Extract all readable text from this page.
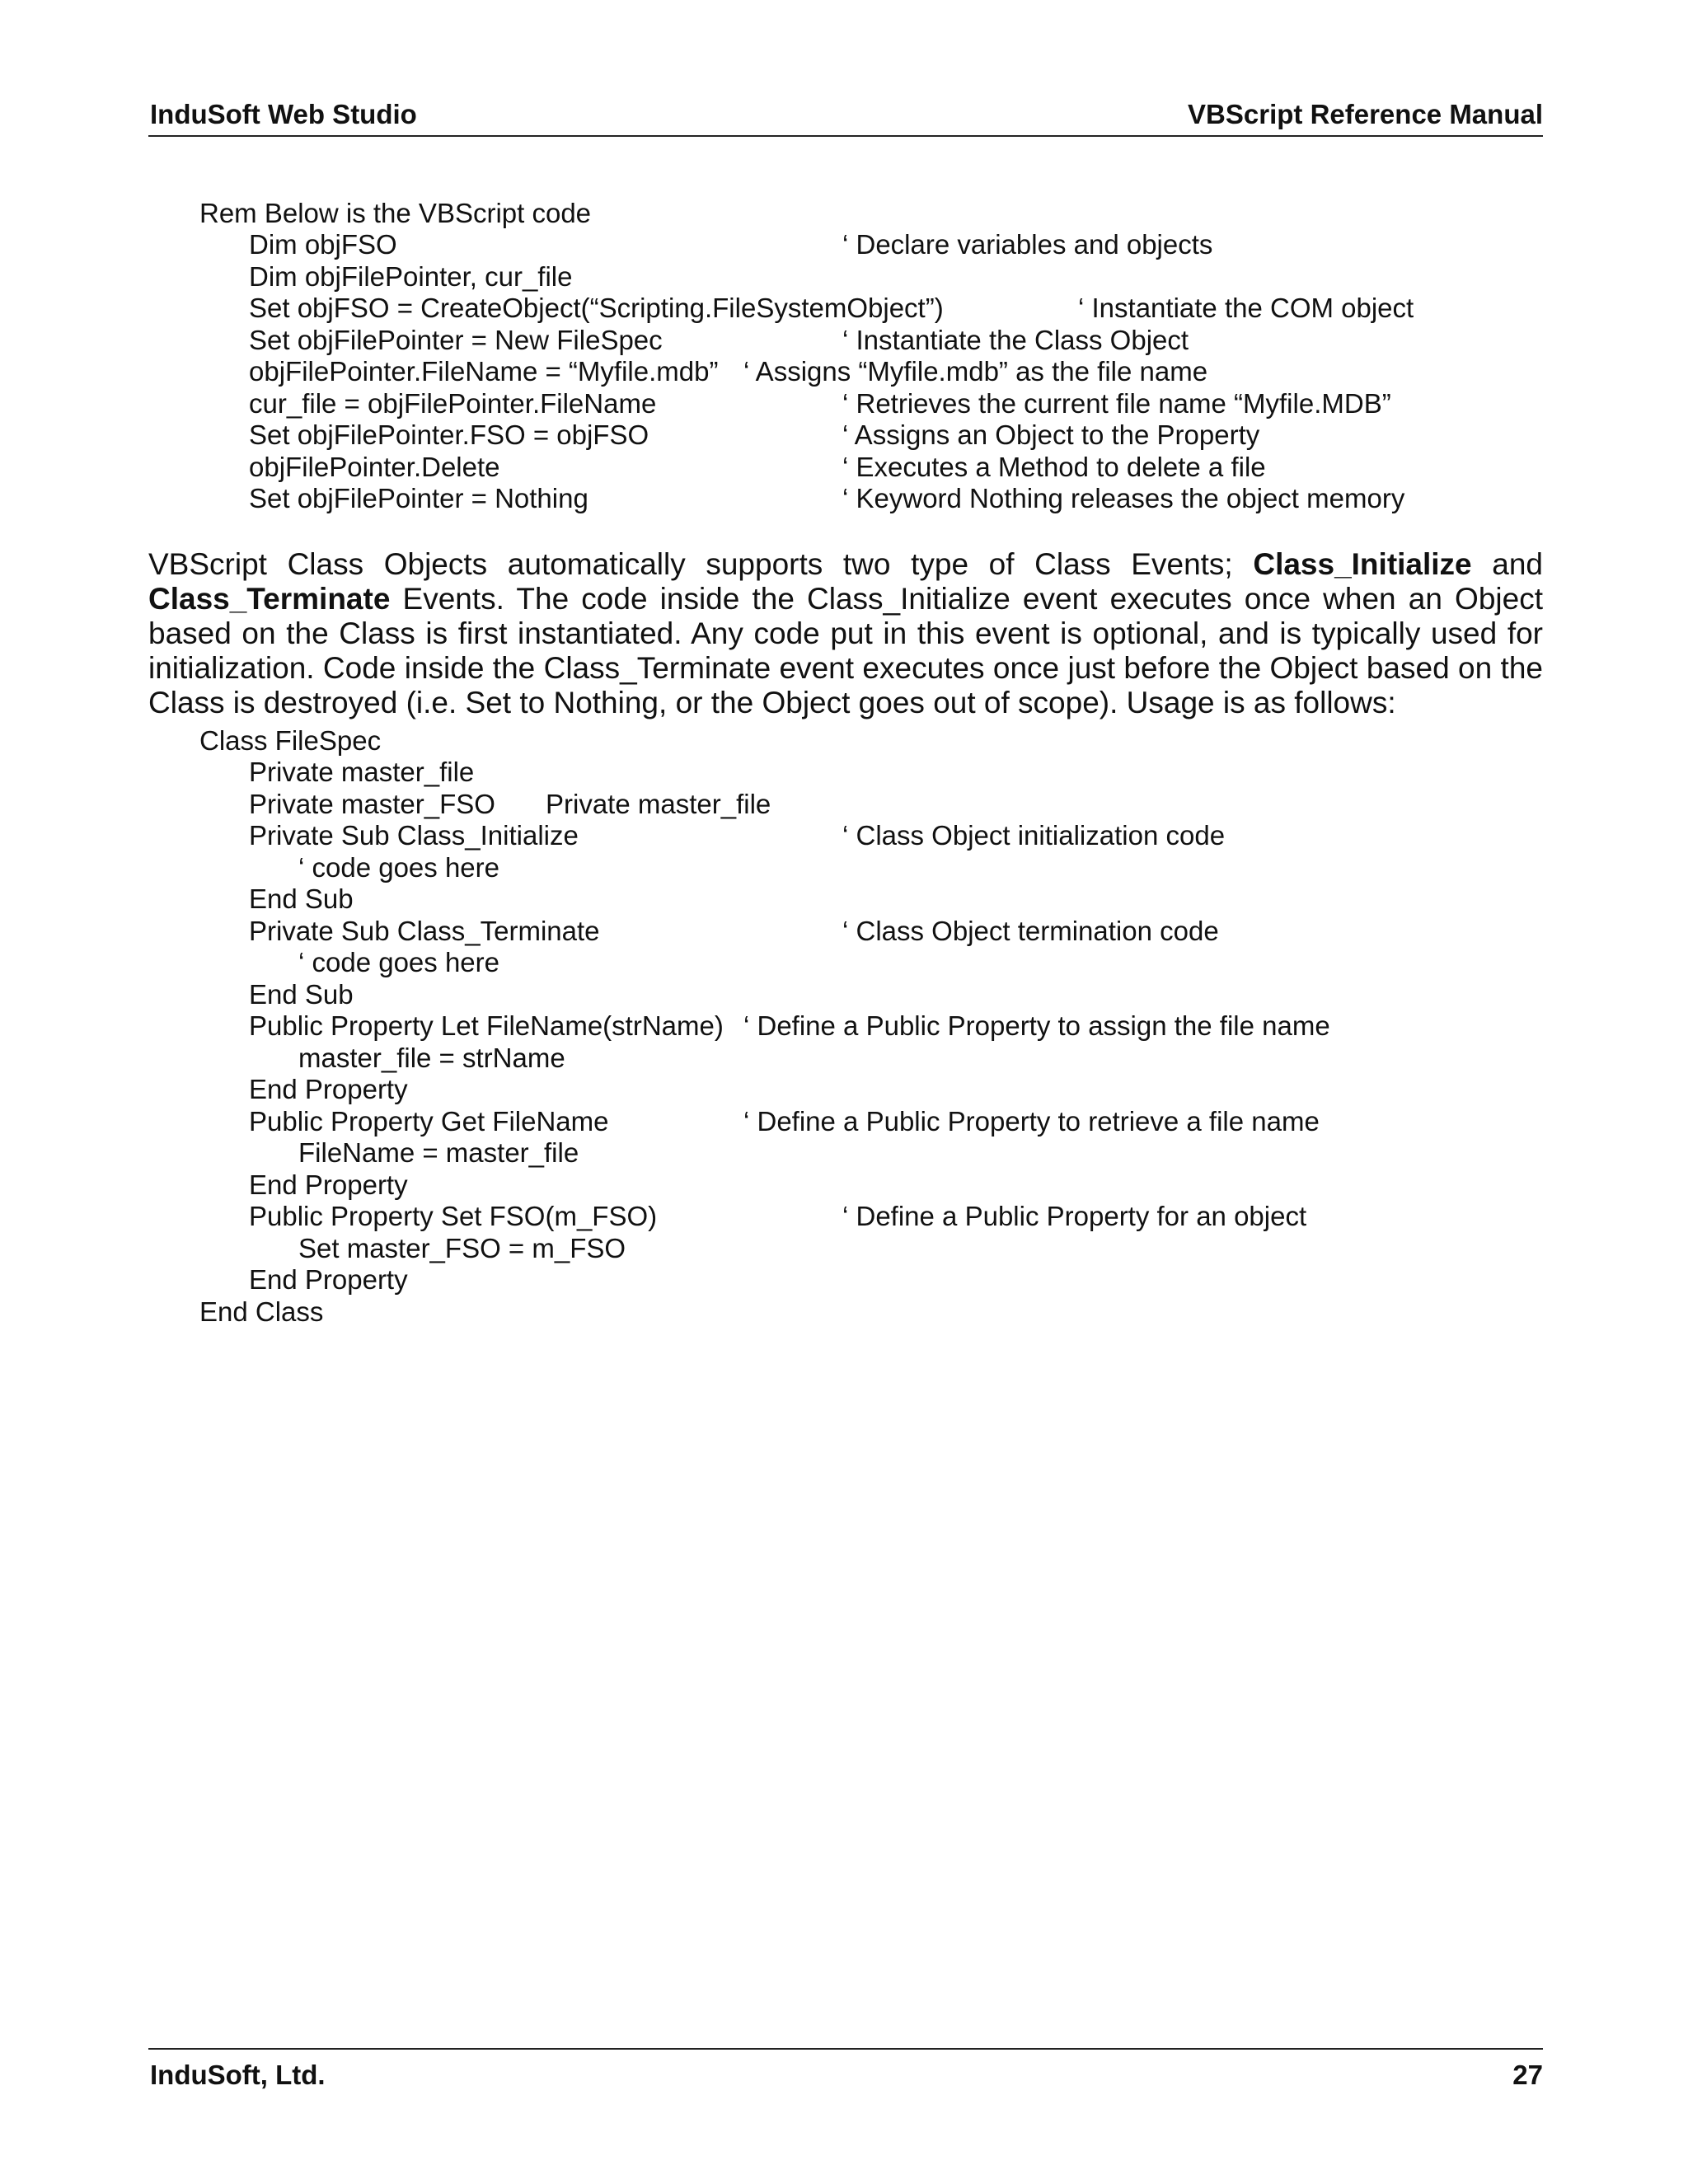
InduSoft Web Studio	VBScript Reference Manual

Rem Below is the VBScript code

Dim objFSO

	‘ Declare variables and objects

Dim objFilePointer, cur_file

Set objFSO = CreateObject(“Scripting.FileSystemObject”)

	‘ Instantiate the COM object

Set objFilePointer = New FileSpec

	‘ Instantiate the Class Object

objFilePointer.FileName = “Myfile.mdb”

‘ Assigns “Myfile.mdb” as the file name

cur_file = objFilePointer.FileName

	‘ Retrieves the current file name “Myfile.MDB”

Set objFilePointer.FSO = objFSO

	‘ Assigns an Object to the Property

objFilePointer.Delete

	‘ Executes a Method to delete a file

Set objFilePointer = Nothing

	‘ Keyword Nothing releases the object memory

VBScript Class Objects automatically supports two type of Class Events; Class_Initialize and Class_Terminate Events. The code inside the Class_Initialize event executes once when an Object based on the Class is first instantiated. Any code put in this event is optional, and is typically used for initialization. Code inside the Class_Terminate event executes once just before the Object based on the Class is destroyed (i.e. Set to Nothing, or the Object goes out of scope). Usage is as follows:

Class FileSpec

Private master_file

Private master_FSO

Private master_file

Private Sub Class_Initialize

	‘ Class Object initialization code

‘ code goes here

End Sub

Private Sub Class_Terminate

	‘ Class Object termination code

‘ code goes here

End Sub

Public Property Let FileName(strName)

‘ Define a Public Property to assign the file name

master_file = strName

End Property

Public Property Get FileName

	‘ Define a Public Property to retrieve a file name

FileName = master_file

End Property

Public Property Set FSO(m_FSO)

	‘ Define a Public Property for an object

Set master_FSO = m_FSO

End Property

End Class

InduSoft, Ltd.	27
